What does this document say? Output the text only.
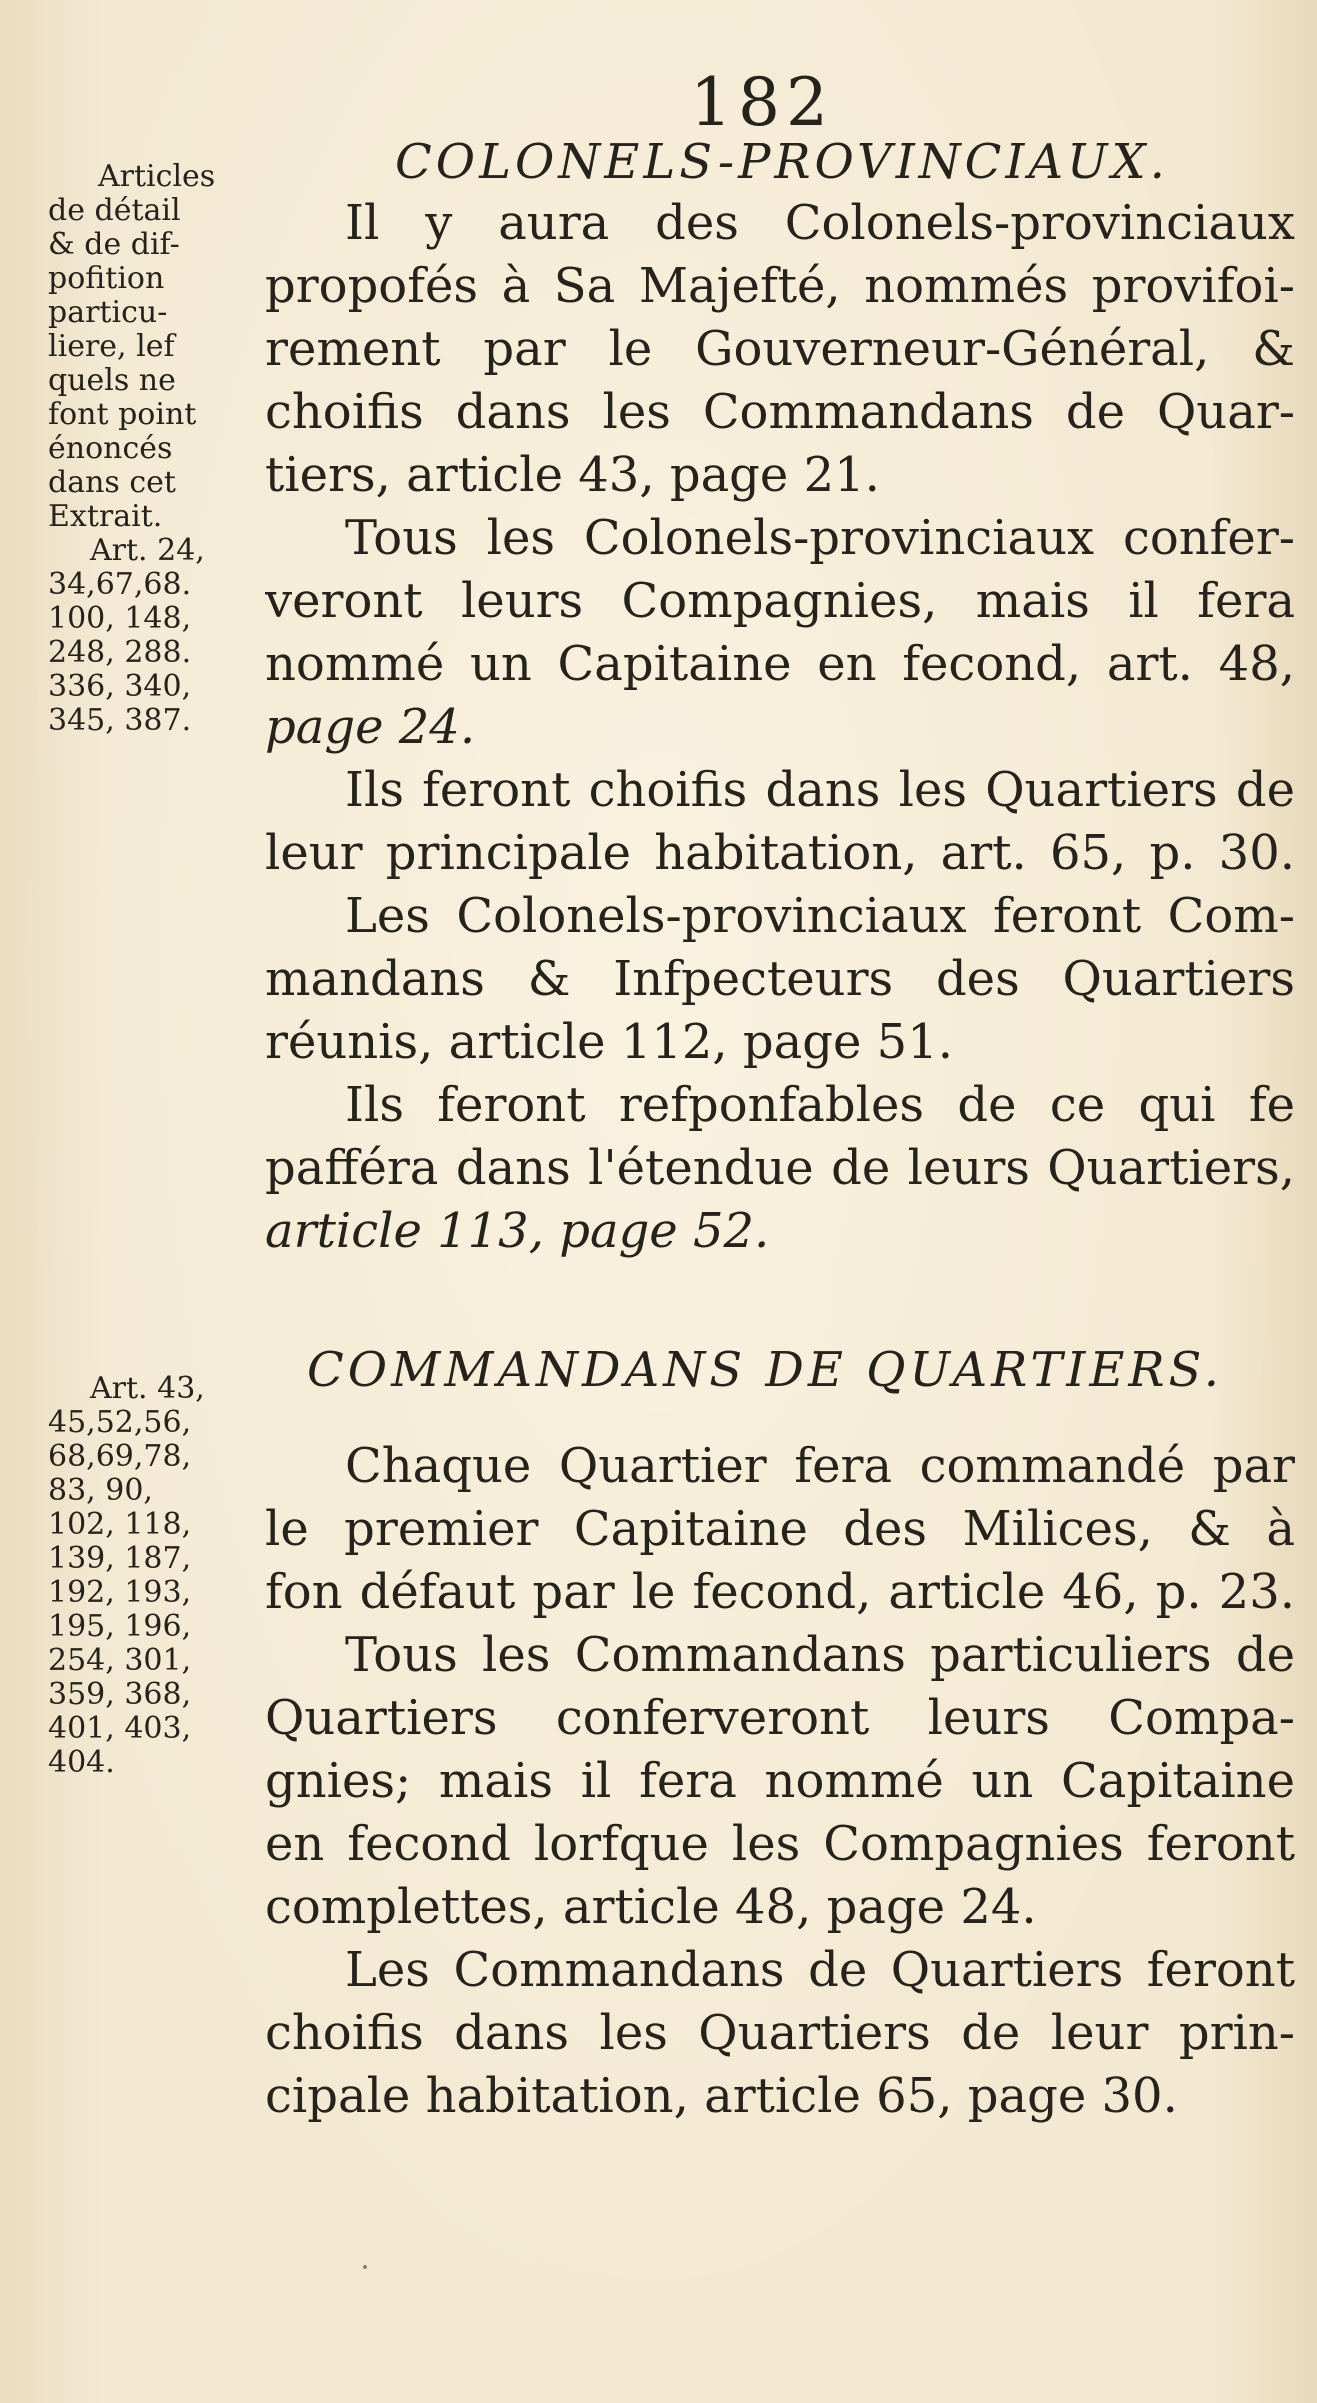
182
Articles
de détail
& de dif-
pofition
particu-
liere, lef
quels ne
font point
énoncés
dans cet
Extrait.
Art. 24,
34,67,68.
100, 148,
248, 288.
336, 340,
345, 387.
COLONELS-PROVINCIAUX.
Il y aura des Colonels-provinciaux
propofés à Sa Majefté, nommés provifoi-
rement par le Gouverneur-Général, &
choifis dans les Commandans de Quar-
tiers, article 43, page 21.
Tous les Colonels-provinciaux confer-
veront leurs Compagnies, mais il fera
nommé un Capitaine en fecond, art. 48,
page 24.
Ils feront choifis dans les Quartiers de
leur principale habitation, art. 65, p. 30.
Les Colonels-provinciaux feront Com-
mandans & Infpecteurs des Quartiers
réunis, article 112, page 51.
Ils feront refponfables de ce qui fe
pafféra dans l'étendue de leurs Quartiers,
article 113, page 52.
Art. 43,
45,52,56,
68,69,78,
83, 90,
102, 118,
139, 187,
192, 193,
195, 196,
254, 301,
359, 368,
401, 403,
404.
COMMANDANS DE QUARTIERS.
Chaque Quartier fera commandé par
le premier Capitaine des Milices, & à
fon défaut par le fecond, article 46, p. 23.
Tous les Commandans particuliers de
Quartiers conferveront leurs Compa-
gnies; mais il fera nommé un Capitaine
en fecond lorfque les Compagnies feront
complettes, article 48, page 24.
Les Commandans de Quartiers feront
choifis dans les Quartiers de leur prin-
cipale habitation, article 65, page 30.
